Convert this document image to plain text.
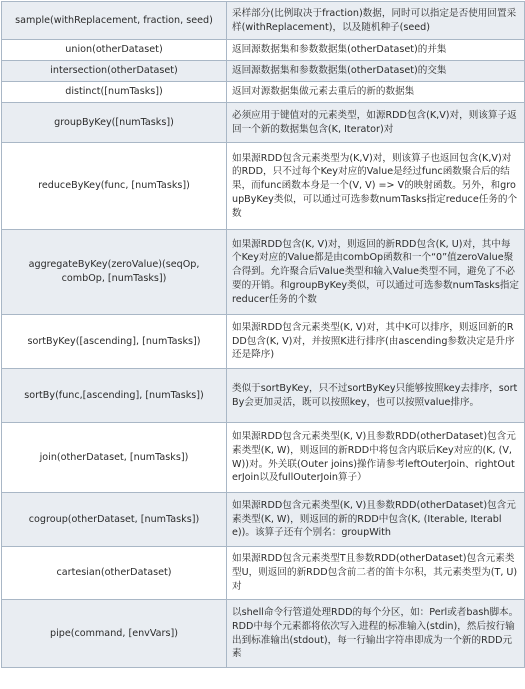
sample(withReplacement, fraction, seed)	采样部分(比例取决于fraction)数据，同时可以指定是否使用回置采样(withReplacement)，以及随机种子(seed)
union(otherDataset)	返回源数据集和参数数据集(otherDataset)的并集
intersection(otherDataset)	返回源数据集和参数数据集(otherDataset)的交集
distinct([numTasks])	返回对源数据集做元素去重后的新的数据集
groupByKey([numTasks])	必须应用于键值对的元素类型，如源RDD包含(K,V)对，则该算子返回一个新的数据集包含(K, Iterator)对
reduceByKey(func, [numTasks])	如果源RDD包含元素类型为(K,V)对，则该算子也返回包含(K,V)对的RDD，只不过每个Key对应的Value是经过func函数聚合后的结果，而func函数本身是一个(V, V) => V的映射函数。另外，和groupByKey类似，可以通过可选参数numTasks指定reduce任务的个数
aggregateByKey(zeroValue)(seqOp, combOp, [numTasks])	如果源RDD包含(K, V)对，则返回的新RDD包含(K, U)对，其中每个Key对应的Value都是由combOp函数和一个“0”值zeroValue聚合得到。允许聚合后Value类型和输入Value类型不同，避免了不必要的开销。和groupByKey类似，可以通过可选参数numTasks指定reducer任务的个数
sortByKey([ascending], [numTasks])	如果源RDD包含元素类型(K, V)对，其中K可以排序，则返回新的RDD包含(K, V)对，并按照K进行排序(由ascending参数决定是升序还是降序)
sortBy(func,[ascending], [numTasks])	类似于sortByKey，只不过sortByKey只能够按照key去排序，sortBy会更加灵活，既可以按照key，也可以按照value排序。
join(otherDataset, [numTasks])	如果源RDD包含元素类型(K, V)且参数RDD(otherDataset)包含元素类型(K, W)，则返回的新RDD中将包含内联后Key对应的(K, (V, W))对。外关联(Outer joins)操作请参考leftOuterJoin、rightOuterJoin以及fullOuterJoin算子）
cogroup(otherDataset, [numTasks])	如果源RDD包含元素类型(K, V)且参数RDD(otherDataset)包含元素类型(K, W)，则返回的新的RDD中包含(K, (Iterable, Iterable))。该算子还有个别名：groupWith
cartesian(otherDataset)	如果源RDD包含元素类型T且参数RDD(otherDataset)包含元素类型U，则返回的新RDD包含前二者的笛卡尔积，其元素类型为(T, U)对
pipe(command, [envVars])	以shell命令行管道处理RDD的每个分区，如：Perl或者bash脚本。RDD中每个元素都将依次写入进程的标准输入(stdin)，然后按行输出到标准输出(stdout)，每一行输出字符串即成为一个新的RDD元素
